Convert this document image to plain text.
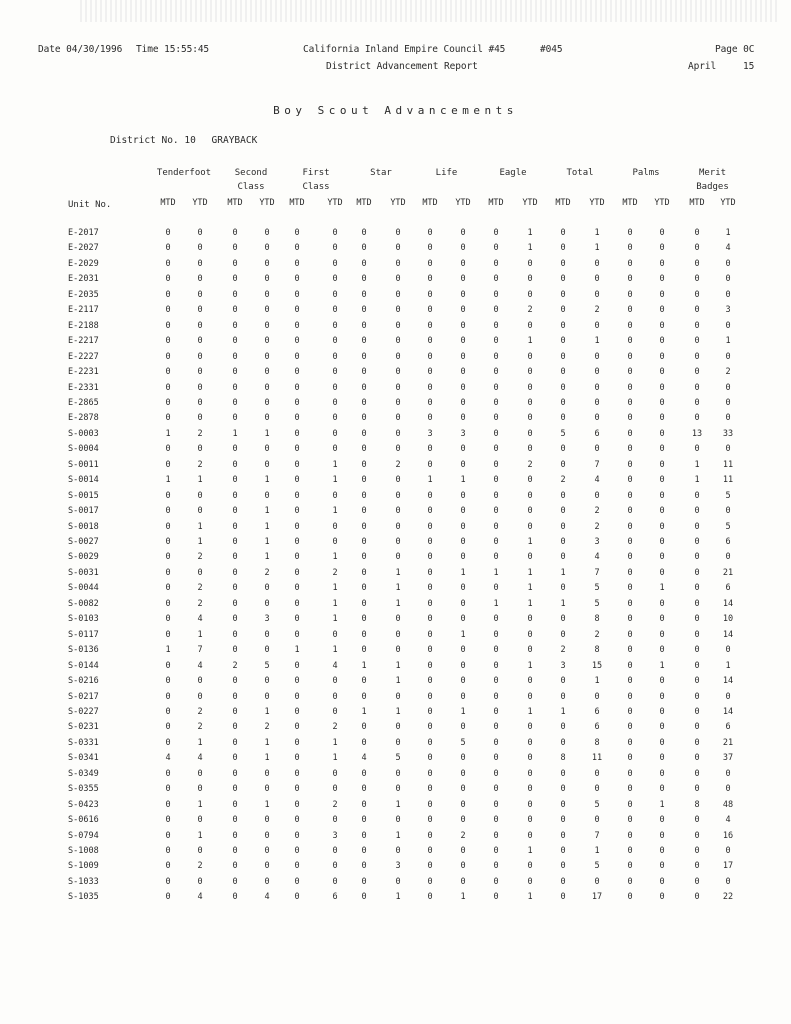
Date 04/30/1996 Time 15:55:45	California Inland Empire Council #45	#045	Page 0C
District Advancement Report	April	15
Boy Scout Advancements
District No. 10 GRAYBACK
Unit No.
Tenderfoot	Second
Class
First
Class
Star	Life	Eagle	Total	Palms	Merit
Badges
MTD	YTD	MTD	YTD	MTD	YTD	MTD	YTD	MTD	YTD	MTD	YTD	MTD	YTD	MTD	YTD	MTD	YTD
E-2017	0	0	0	0	0	0	0	0	0	0	0	1	0	1	0	0	0	1
E-2027	0	0	0	0	0	0	0	0	0	0	0	1	0	1	0	0	0	4
E-2029	0	0	0	0	0	0	0	0	0	0	0	0	0	0	0	0	0	0
E-2031	0	0	0	0	0	0	0	0	0	0	0	0	0	0	0	0	0	0
E-2035	0	0	0	0	0	0	0	0	0	0	0	0	0	0	0	0	0	0
E-2117	0	0	0	0	0	0	0	0	0	0	0	2	0	2	0	0	0	3
E-2188	0	0	0	0	0	0	0	0	0	0	0	0	0	0	0	0	0	0
E-2217	0	0	0	0	0	0	0	0	0	0	0	1	0	1	0	0	0	1
E-2227	0	0	0	0	0	0	0	0	0	0	0	0	0	0	0	0	0	0
E-2231	0	0	0	0	0	0	0	0	0	0	0	0	0	0	0	0	0	2
E-2331	0	0	0	0	0	0	0	0	0	0	0	0	0	0	0	0	0	0
E-2865	0	0	0	0	0	0	0	0	0	0	0	0	0	0	0	0	0	0
E-2878	0	0	0	0	0	0	0	0	0	0	0	0	0	0	0	0	0	0
S-0003	1	2	1	1	0	0	0	0	3	3	0	0	5	6	0	0	13	33
S-0004	0	0	0	0	0	0	0	0	0	0	0	0	0	0	0	0	0	0
S-0011	0	2	0	0	0	1	0	2	0	0	0	2	0	7	0	0	1	11
S-0014	1	1	0	1	0	1	0	0	1	1	0	0	2	4	0	0	1	11
S-0015	0	0	0	0	0	0	0	0	0	0	0	0	0	0	0	0	0	5
S-0017	0	0	0	1	0	1	0	0	0	0	0	0	0	2	0	0	0	0
S-0018	0	1	0	1	0	0	0	0	0	0	0	0	0	2	0	0	0	5
S-0027	0	1	0	1	0	0	0	0	0	0	0	1	0	3	0	0	0	6
S-0029	0	2	0	1	0	1	0	0	0	0	0	0	0	4	0	0	0	0
S-0031	0	0	0	2	0	2	0	1	0	1	1	1	1	7	0	0	0	21
S-0044	0	2	0	0	0	1	0	1	0	0	0	1	0	5	0	1	0	6
S-0082	0	2	0	0	0	1	0	1	0	0	1	1	1	5	0	0	0	14
S-0103	0	4	0	3	0	1	0	0	0	0	0	0	0	8	0	0	0	10
S-0117	0	1	0	0	0	0	0	0	0	1	0	0	0	2	0	0	0	14
S-0136	1	7	0	0	1	1	0	0	0	0	0	0	2	8	0	0	0	0
S-0144	0	4	2	5	0	4	1	1	0	0	0	1	3	15	0	1	0	1
S-0216	0	0	0	0	0	0	0	1	0	0	0	0	0	1	0	0	0	14
S-0217	0	0	0	0	0	0	0	0	0	0	0	0	0	0	0	0	0	0
S-0227	0	2	0	1	0	0	1	1	0	1	0	1	1	6	0	0	0	14
S-0231	0	2	0	2	0	2	0	0	0	0	0	0	0	6	0	0	0	6
S-0331	0	1	0	1	0	1	0	0	0	5	0	0	0	8	0	0	0	21
S-0341	4	4	0	1	0	1	4	5	0	0	0	0	8	11	0	0	0	37
S-0349	0	0	0	0	0	0	0	0	0	0	0	0	0	0	0	0	0	0
S-0355	0	0	0	0	0	0	0	0	0	0	0	0	0	0	0	0	0	0
S-0423	0	1	0	1	0	2	0	1	0	0	0	0	0	5	0	1	8	48
S-0616	0	0	0	0	0	0	0	0	0	0	0	0	0	0	0	0	0	4
S-0794	0	1	0	0	0	3	0	1	0	2	0	0	0	7	0	0	0	16
S-1008	0	0	0	0	0	0	0	0	0	0	0	1	0	1	0	0	0	0
S-1009	0	2	0	0	0	0	0	3	0	0	0	0	0	5	0	0	0	17
S-1033	0	0	0	0	0	0	0	0	0	0	0	0	0	0	0	0	0	0
S-1035	0	4	0	4	0	6	0	1	0	1	0	1	0	17	0	0	0	22
